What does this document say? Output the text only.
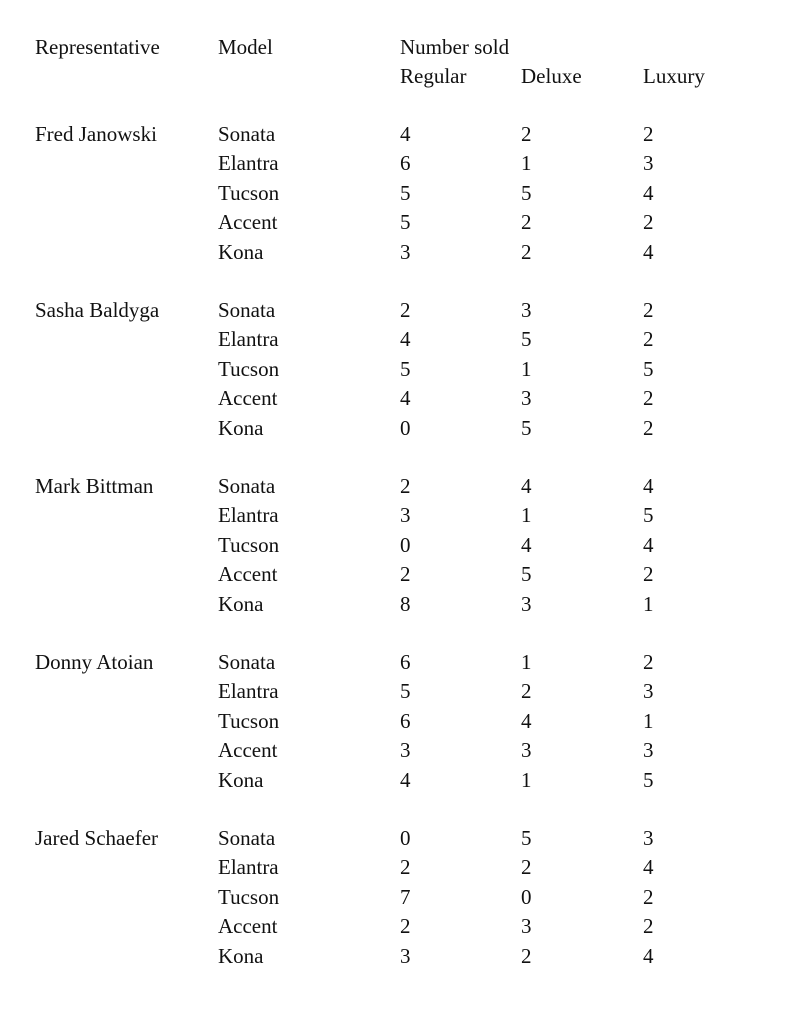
Representative	Model	Number sold
Regular	Deluxe	Luxury
Fred Janowski	Sonata	4	2	2
Elantra	6	1	3
Tucson	5	5	4
Accent	5	2	2
Kona	3	2	4
Sasha Baldyga	Sonata	2	3	2
Elantra	4	5	2
Tucson	5	1	5
Accent	4	3	2
Kona	0	5	2
Mark Bittman	Sonata	2	4	4
Elantra	3	1	5
Tucson	0	4	4
Accent	2	5	2
Kona	8	3	1
Donny Atoian	Sonata	6	1	2
Elantra	5	2	3
Tucson	6	4	1
Accent	3	3	3
Kona	4	1	5
Jared Schaefer	Sonata	0	5	3
Elantra	2	2	4
Tucson	7	0	2
Accent	2	3	2
Kona	3	2	4
